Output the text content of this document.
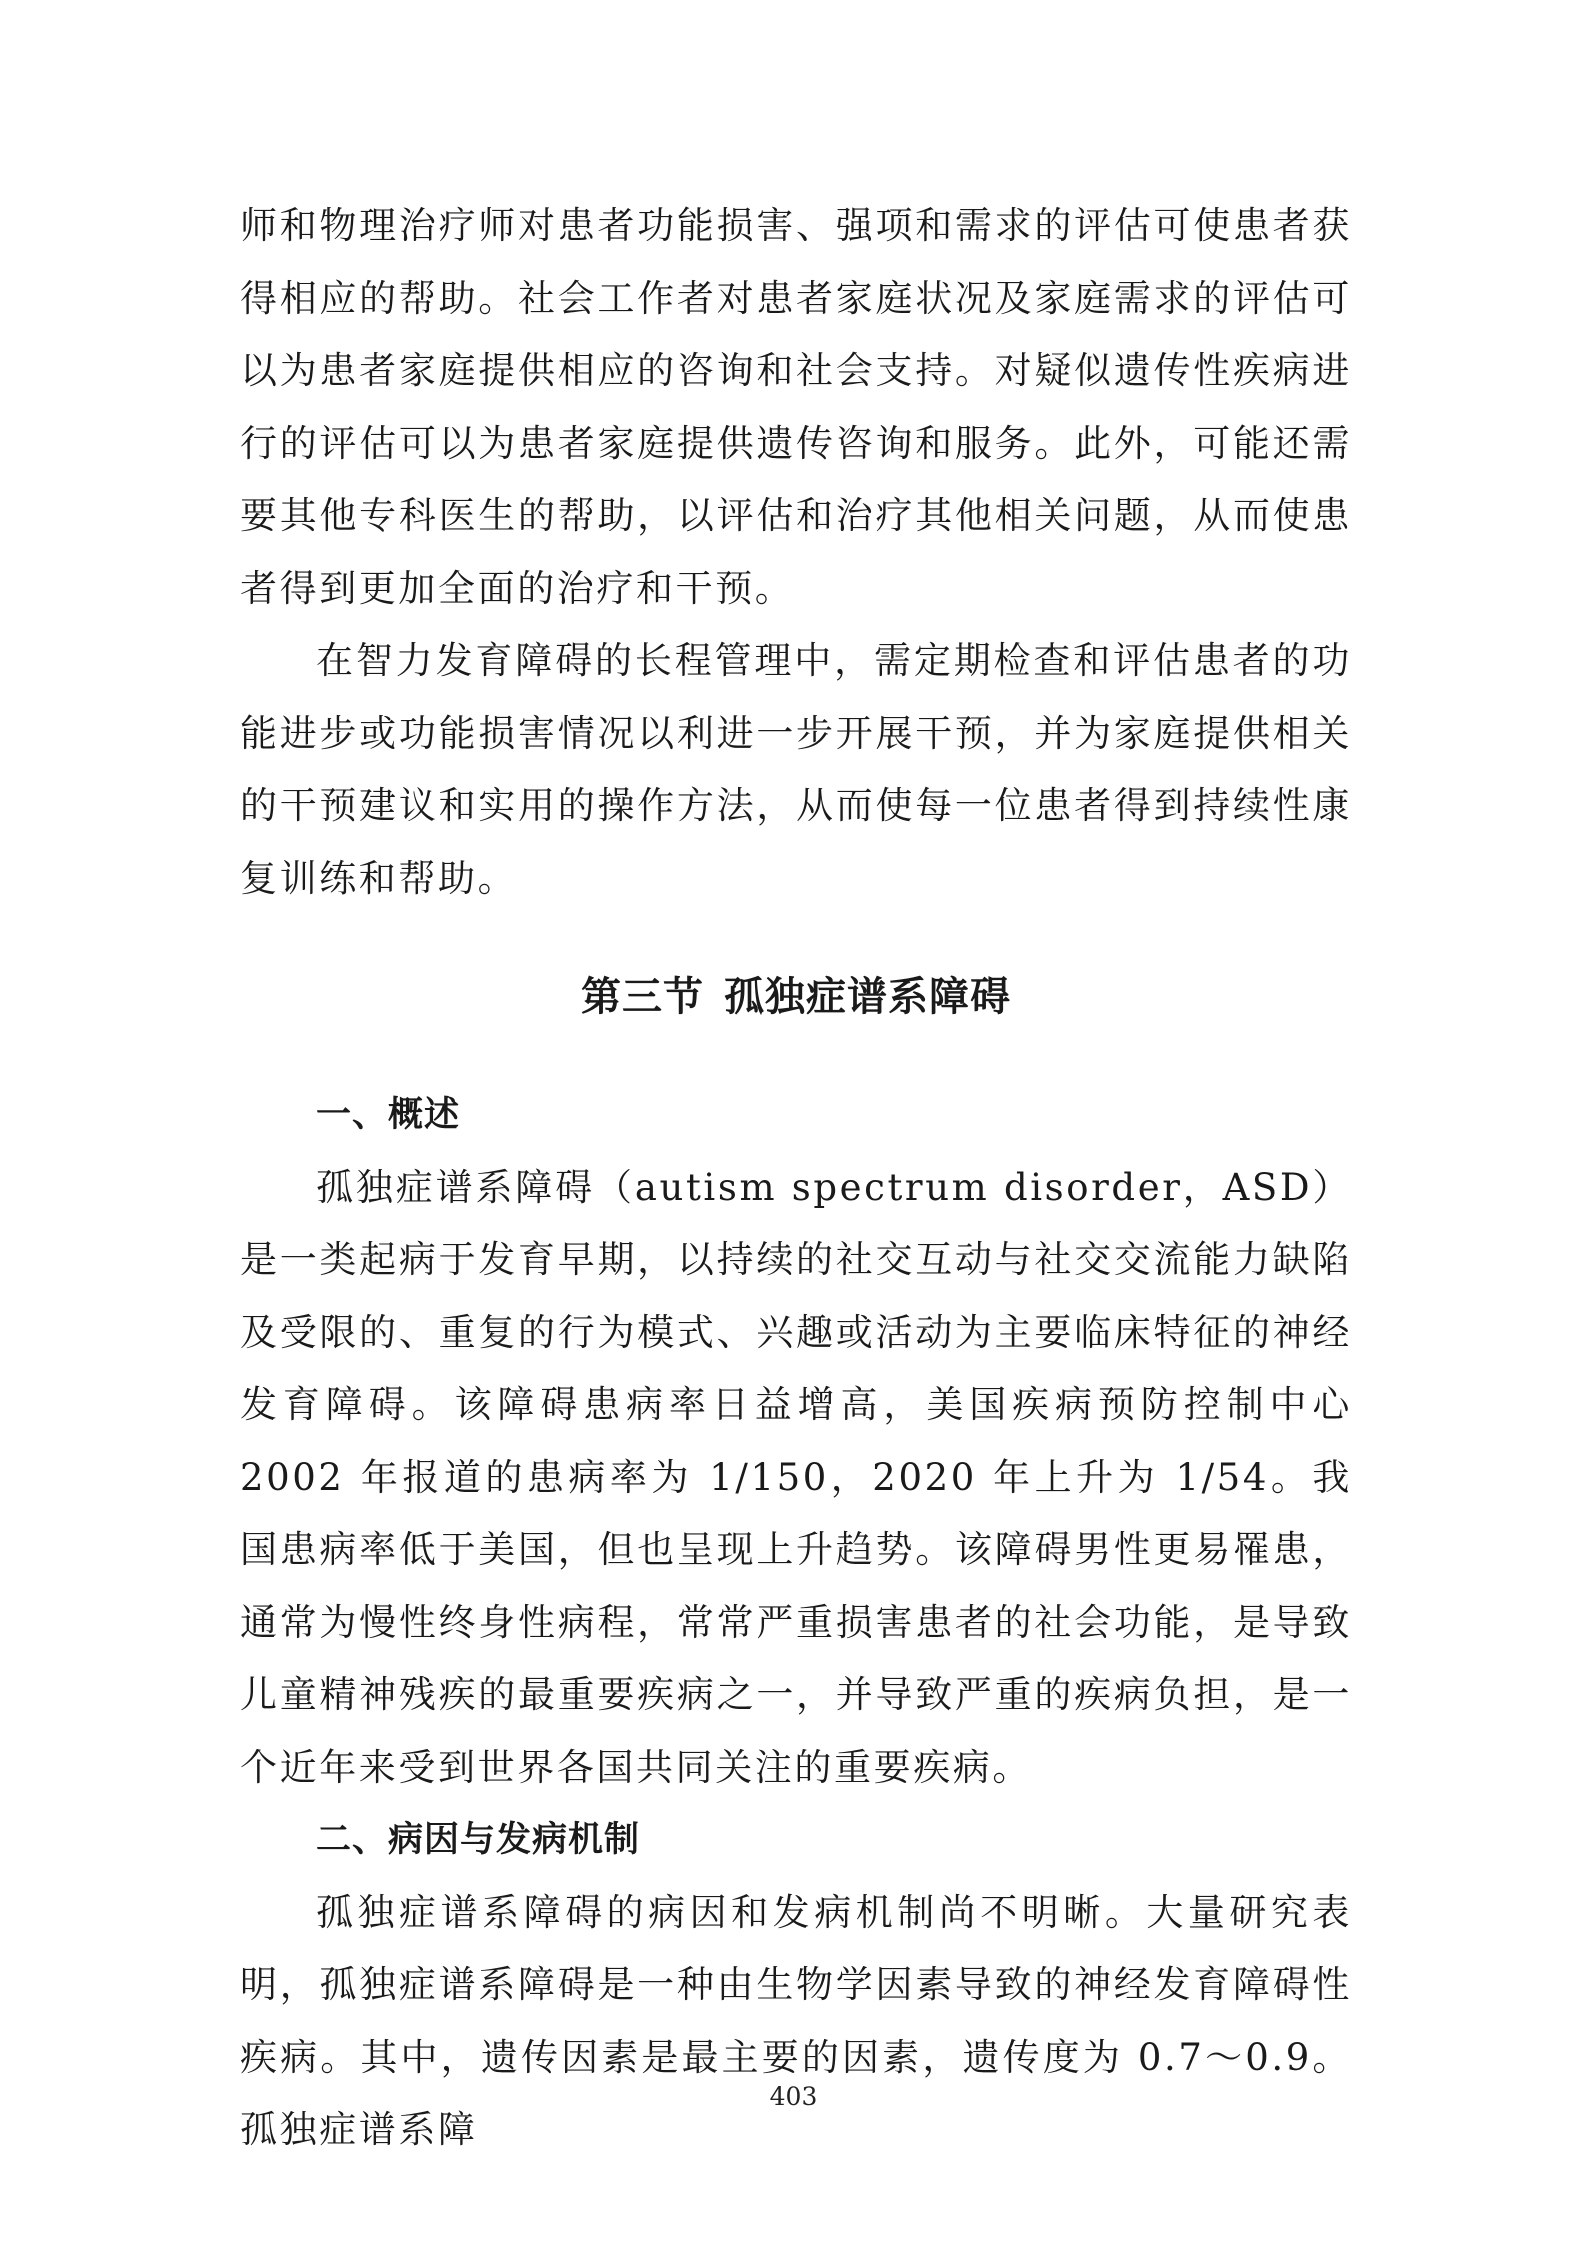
师和物理治疗师对患者功能损害、强项和需求的评估可使患者获得相应的帮助。社会工作者对患者家庭状况及家庭需求的评估可以为患者家庭提供相应的咨询和社会支持。对疑似遗传性疾病进行的评估可以为患者家庭提供遗传咨询和服务。此外，可能还需要其他专科医生的帮助，以评估和治疗其他相关问题，从而使患者得到更加全面的治疗和干预。

在智力发育障碍的长程管理中，需定期检查和评估患者的功能进步或功能损害情况以利进一步开展干预，并为家庭提供相关的干预建议和实用的操作方法，从而使每一位患者得到持续性康复训练和帮助。

第三节 孤独症谱系障碍
一、概述

孤独症谱系障碍（autism spectrum disorder，ASD）是一类起病于发育早期，以持续的社交互动与社交交流能力缺陷及受限的、重复的行为模式、兴趣或活动为主要临床特征的神经发育障碍。该障碍患病率日益增高，美国疾病预防控制中心 2002 年报道的患病率为 1/150，2020 年上升为 1/54。我国患病率低于美国，但也呈现上升趋势。该障碍男性更易罹患，通常为慢性终身性病程，常常严重损害患者的社会功能，是导致儿童精神残疾的最重要疾病之一，并导致严重的疾病负担，是一个近年来受到世界各国共同关注的重要疾病。

二、病因与发病机制

孤独症谱系障碍的病因和发病机制尚不明晰。大量研究表明，孤独症谱系障碍是一种由生物学因素导致的神经发育障碍性疾病。其中，遗传因素是最主要的因素，遗传度为 0.7～0.9。孤独症谱系障

403
